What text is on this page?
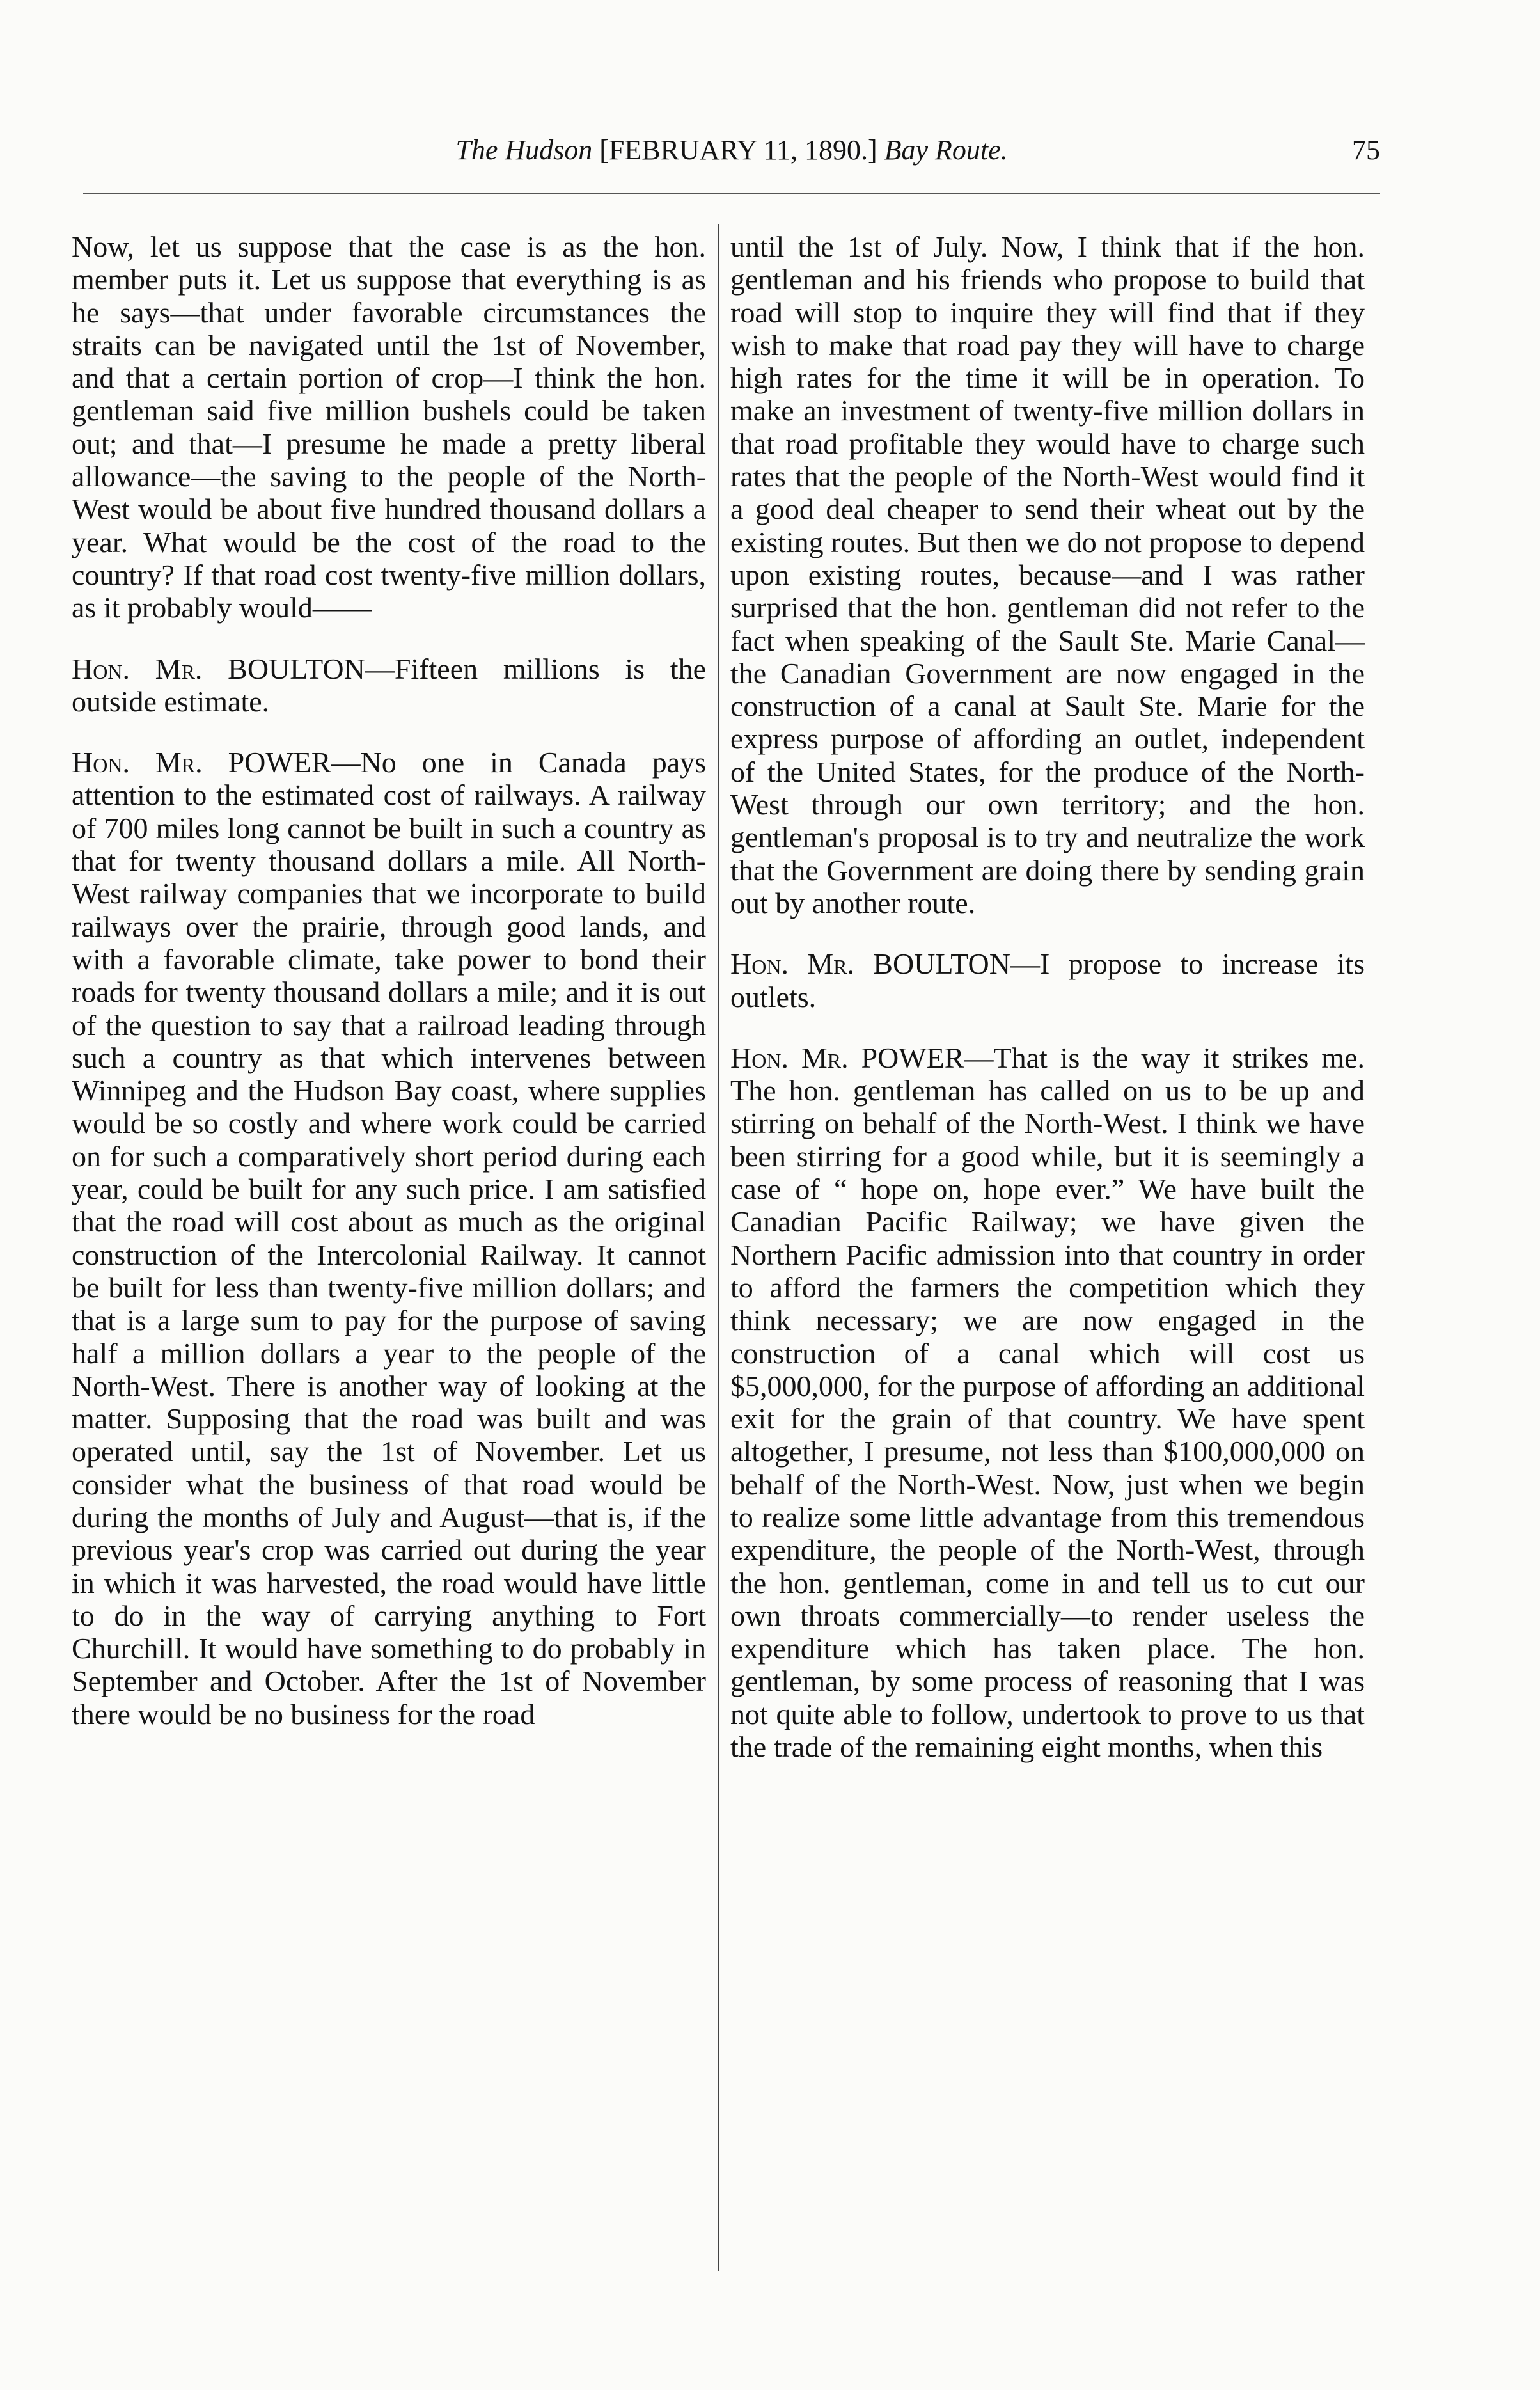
The Hudson [FEBRUARY 11, 1890.] Bay Route.	75

Now, let us suppose that the case is as the hon. member puts it. Let us suppose that everything is as he says—that under favorable circumstances the straits can be navigated until the 1st of November, and that a certain portion of crop—I think the hon. gentleman said five million bushels could be taken out; and that—I presume he made a pretty liberal allowance—the saving to the people of the North-West would be about five hundred thousand dollars a year. What would be the cost of the road to the country? If that road cost twenty-five million dollars, as it probably would——

Hon. Mr. BOULTON—Fifteen millions is the outside estimate.

Hon. Mr. POWER—No one in Canada pays attention to the estimated cost of railways. A railway of 700 miles long cannot be built in such a country as that for twenty thousand dollars a mile. All North-West railway companies that we incorporate to build railways over the prairie, through good lands, and with a favorable climate, take power to bond their roads for twenty thousand dollars a mile; and it is out of the question to say that a railroad leading through such a country as that which intervenes between Winnipeg and the Hudson Bay coast, where supplies would be so costly and where work could be carried on for such a comparatively short period during each year, could be built for any such price. I am satisfied that the road will cost about as much as the original construction of the Intercolonial Railway. It cannot be built for less than twenty-five million dollars; and that is a large sum to pay for the purpose of saving half a million dollars a year to the people of the North-West. There is another way of looking at the matter. Supposing that the road was built and was operated until, say the 1st of November. Let us consider what the business of that road would be during the months of July and August—that is, if the previous year's crop was carried out during the year in which it was harvested, the road would have little to do in the way of carrying anything to Fort Churchill. It would have something to do probably in September and October. After the 1st of November there would be no business for the road

until the 1st of July. Now, I think that if the hon. gentleman and his friends who propose to build that road will stop to inquire they will find that if they wish to make that road pay they will have to charge high rates for the time it will be in operation. To make an investment of twenty-five million dollars in that road profitable they would have to charge such rates that the people of the North-West would find it a good deal cheaper to send their wheat out by the existing routes. But then we do not propose to depend upon existing routes, because—and I was rather surprised that the hon. gentleman did not refer to the fact when speaking of the Sault Ste. Marie Canal—the Canadian Government are now engaged in the construction of a canal at Sault Ste. Marie for the express purpose of affording an outlet, independent of the United States, for the produce of the North-West through our own territory; and the hon. gentleman's proposal is to try and neutralize the work that the Government are doing there by sending grain out by another route.

Hon. Mr. BOULTON—I propose to increase its outlets.

Hon. Mr. POWER—That is the way it strikes me. The hon. gentleman has called on us to be up and stirring on behalf of the North-West. I think we have been stirring for a good while, but it is seemingly a case of “ hope on, hope ever.” We have built the Canadian Pacific Railway; we have given the Northern Pacific admission into that country in order to afford the farmers the competition which they think necessary; we are now engaged in the construction of a canal which will cost us $5,000,000, for the purpose of affording an additional exit for the grain of that country. We have spent altogether, I presume, not less than $100,000,000 on behalf of the North-West. Now, just when we begin to realize some little advantage from this tremendous expenditure, the people of the North-West, through the hon. gentleman, come in and tell us to cut our own throats commercially—to render useless the expenditure which has taken place. The hon. gentleman, by some process of reasoning that I was not quite able to follow, undertook to prove to us that the trade of the remaining eight months, when this
